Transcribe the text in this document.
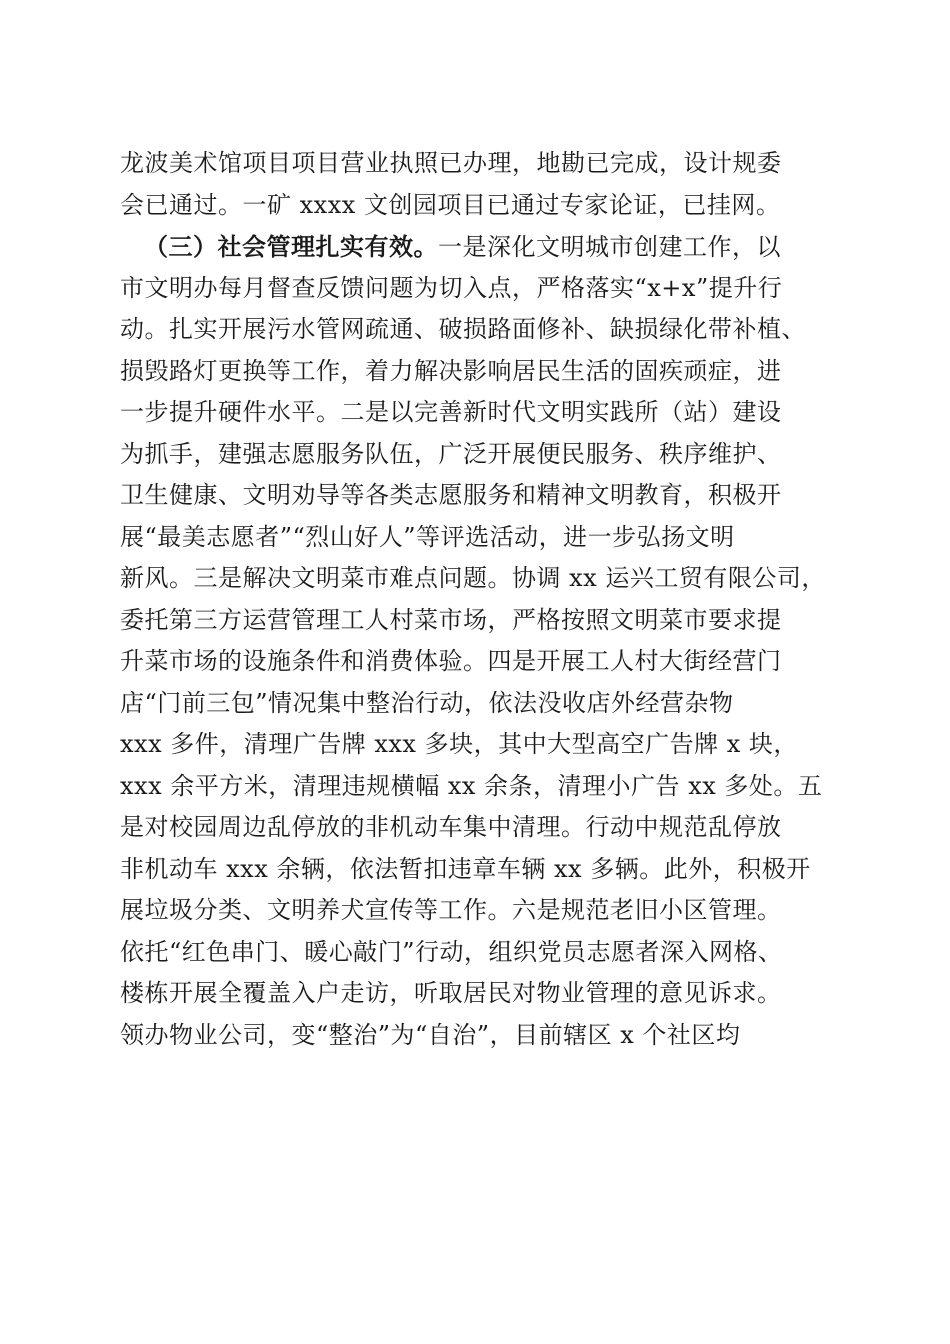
龙波美术馆项目项目营业执照已办理，地勘已完成，设计规委
会已通过。一矿 xxxx 文创园项目已通过专家论证，已挂网。
（三）社会管理扎实有效。一是深化文明城市创建工作，以
市文明办每月督查反馈问题为切入点，严格落实“x+x”提升行
动。扎实开展污水管网疏通、破损路面修补、缺损绿化带补植、
损毁路灯更换等工作，着力解决影响居民生活的固疾顽症，进
一步提升硬件水平。二是以完善新时代文明实践所（站）建设
为抓手，建强志愿服务队伍，广泛开展便民服务、秩序维护、
卫生健康、文明劝导等各类志愿服务和精神文明教育，积极开
展“最美志愿者”“烈山好人”等评选活动，进一步弘扬文明
新风。三是解决文明菜市难点问题。协调 xx 运兴工贸有限公司，
委托第三方运营管理工人村菜市场，严格按照文明菜市要求提
升菜市场的设施条件和消费体验。四是开展工人村大街经营门
店“门前三包”情况集中整治行动，依法没收店外经营杂物
xxx 多件，清理广告牌 xxx 多块，其中大型高空广告牌 x 块，
xxx 余平方米，清理违规横幅 xx 余条，清理小广告 xx 多处。五
是对校园周边乱停放的非机动车集中清理。行动中规范乱停放
非机动车 xxx 余辆，依法暂扣违章车辆 xx 多辆。此外，积极开
展垃圾分类、文明养犬宣传等工作。六是规范老旧小区管理。
依托“红色串门、暖心敲门”行动，组织党员志愿者深入网格、
楼栋开展全覆盖入户走访，听取居民对物业管理的意见诉求。
领办物业公司，变“整治”为“自治”，目前辖区 x 个社区均
